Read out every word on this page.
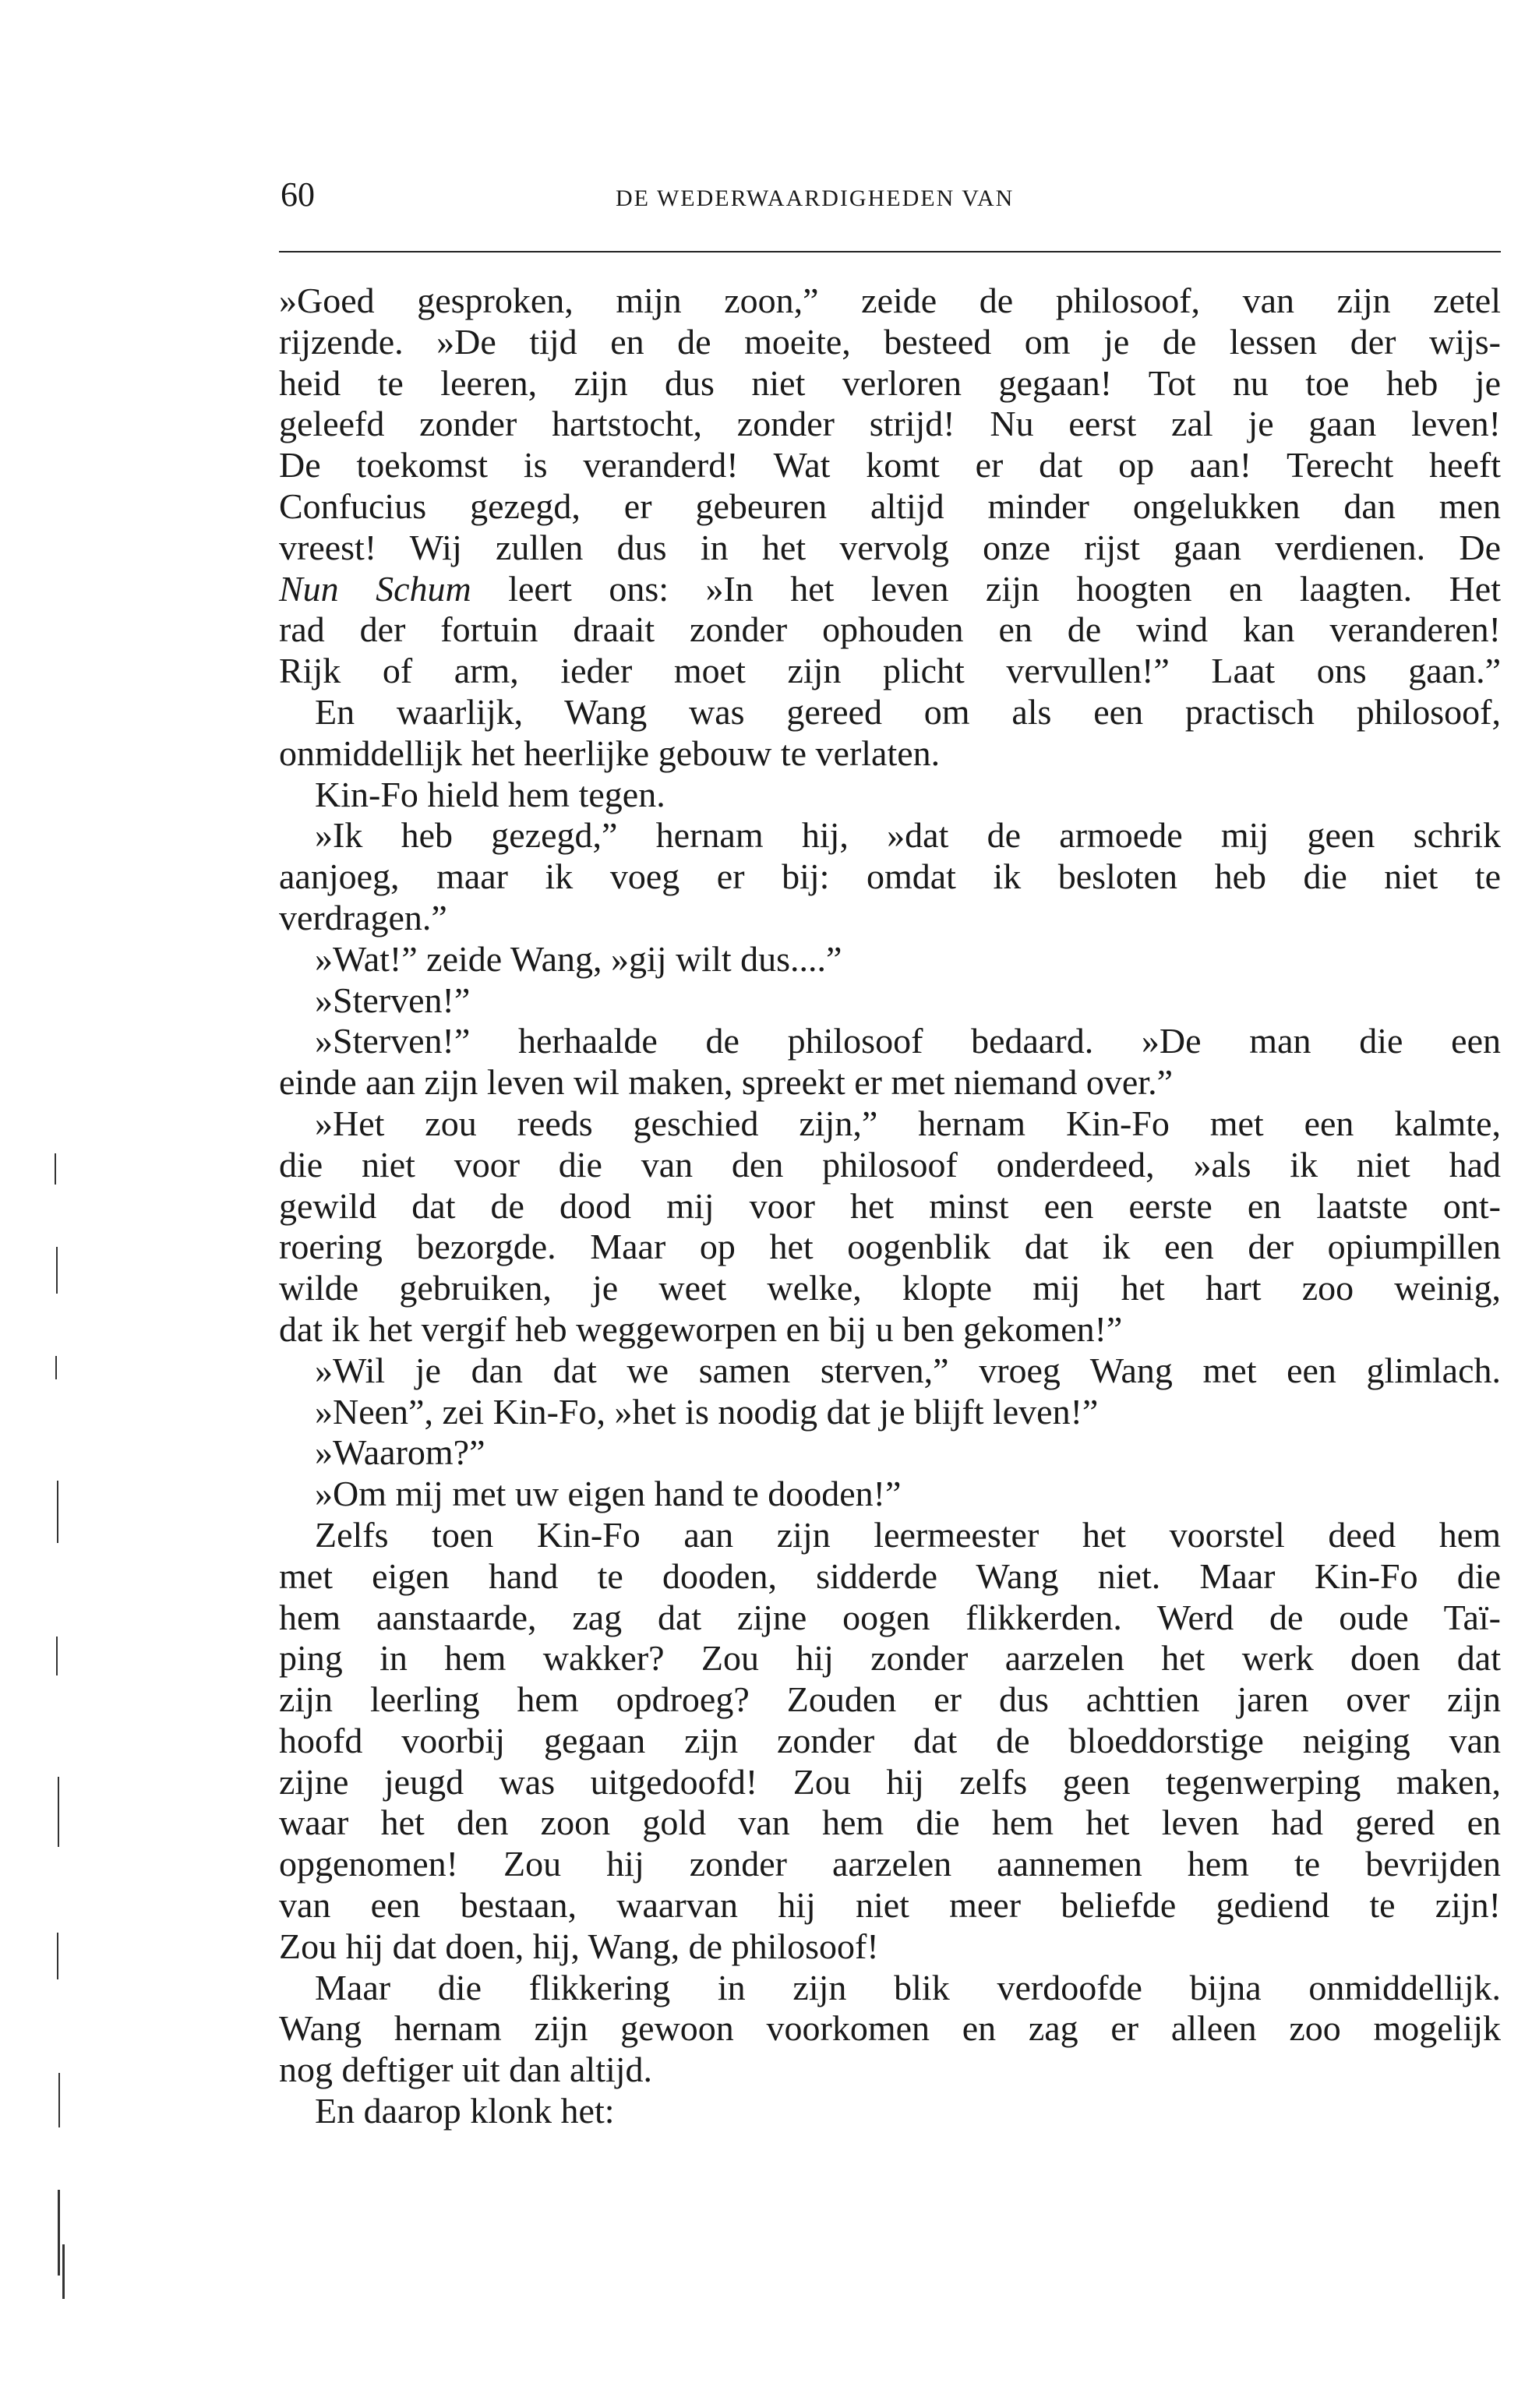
60	DE WEDERWAARDIGHEDEN VAN
»Goed gesproken, mijn zoon,” zeide de philosoof, van zijn zetel
rijzende. »De tijd en de moeite, besteed om je de lessen der wijs-
heid te leeren, zijn dus niet verloren gegaan! Tot nu toe heb je
geleefd zonder hartstocht, zonder strijd! Nu eerst zal je gaan leven!
De toekomst is veranderd! Wat komt er dat op aan! Terecht heeft
Confucius gezegd, er gebeuren altijd minder ongelukken dan men
vreest! Wij zullen dus in het vervolg onze rijst gaan verdienen. De
Nun Schum leert ons: »In het leven zijn hoogten en laagten. Het
rad der fortuin draait zonder ophouden en de wind kan veranderen!
Rijk of arm, ieder moet zijn plicht vervullen!” Laat ons gaan.”
En waarlijk, Wang was gereed om als een practisch philosoof,
onmiddellijk het heerlijke gebouw te verlaten.
Kin-Fo hield hem tegen.
»Ik heb gezegd,” hernam hij, »dat de armoede mij geen schrik
aanjoeg, maar ik voeg er bij: omdat ik besloten heb die niet te
verdragen.”
»Wat!” zeide Wang, »gij wilt dus....”
»Sterven!”
»Sterven!” herhaalde de philosoof bedaard. »De man die een
einde aan zijn leven wil maken, spreekt er met niemand over.”
»Het zou reeds geschied zijn,” hernam Kin-Fo met een kalmte,
die niet voor die van den philosoof onderdeed, »als ik niet had
gewild dat de dood mij voor het minst een eerste en laatste ont-
roering bezorgde. Maar op het oogenblik dat ik een der opiumpillen
wilde gebruiken, je weet welke, klopte mij het hart zoo weinig,
dat ik het vergif heb weggeworpen en bij u ben gekomen!”
»Wil je dan dat we samen sterven,” vroeg Wang met een glimlach.
»Neen”, zei Kin-Fo, »het is noodig dat je blijft leven!”
»Waarom?”
»Om mij met uw eigen hand te dooden!”
Zelfs toen Kin-Fo aan zijn leermeester het voorstel deed hem
met eigen hand te dooden, sidderde Wang niet. Maar Kin-Fo die
hem aanstaarde, zag dat zijne oogen flikkerden. Werd de oude Taï-
ping in hem wakker? Zou hij zonder aarzelen het werk doen dat
zijn leerling hem opdroeg? Zouden er dus achttien jaren over zijn
hoofd voorbij gegaan zijn zonder dat de bloeddorstige neiging van
zijne jeugd was uitgedoofd! Zou hij zelfs geen tegenwerping maken,
waar het den zoon gold van hem die hem het leven had gered en
opgenomen! Zou hij zonder aarzelen aannemen hem te bevrijden
van een bestaan, waarvan hij niet meer beliefde gediend te zijn!
Zou hij dat doen, hij, Wang, de philosoof!
Maar die flikkering in zijn blik verdoofde bijna onmiddellijk.
Wang hernam zijn gewoon voorkomen en zag er alleen zoo mogelijk
nog deftiger uit dan altijd.
En daarop klonk het:
